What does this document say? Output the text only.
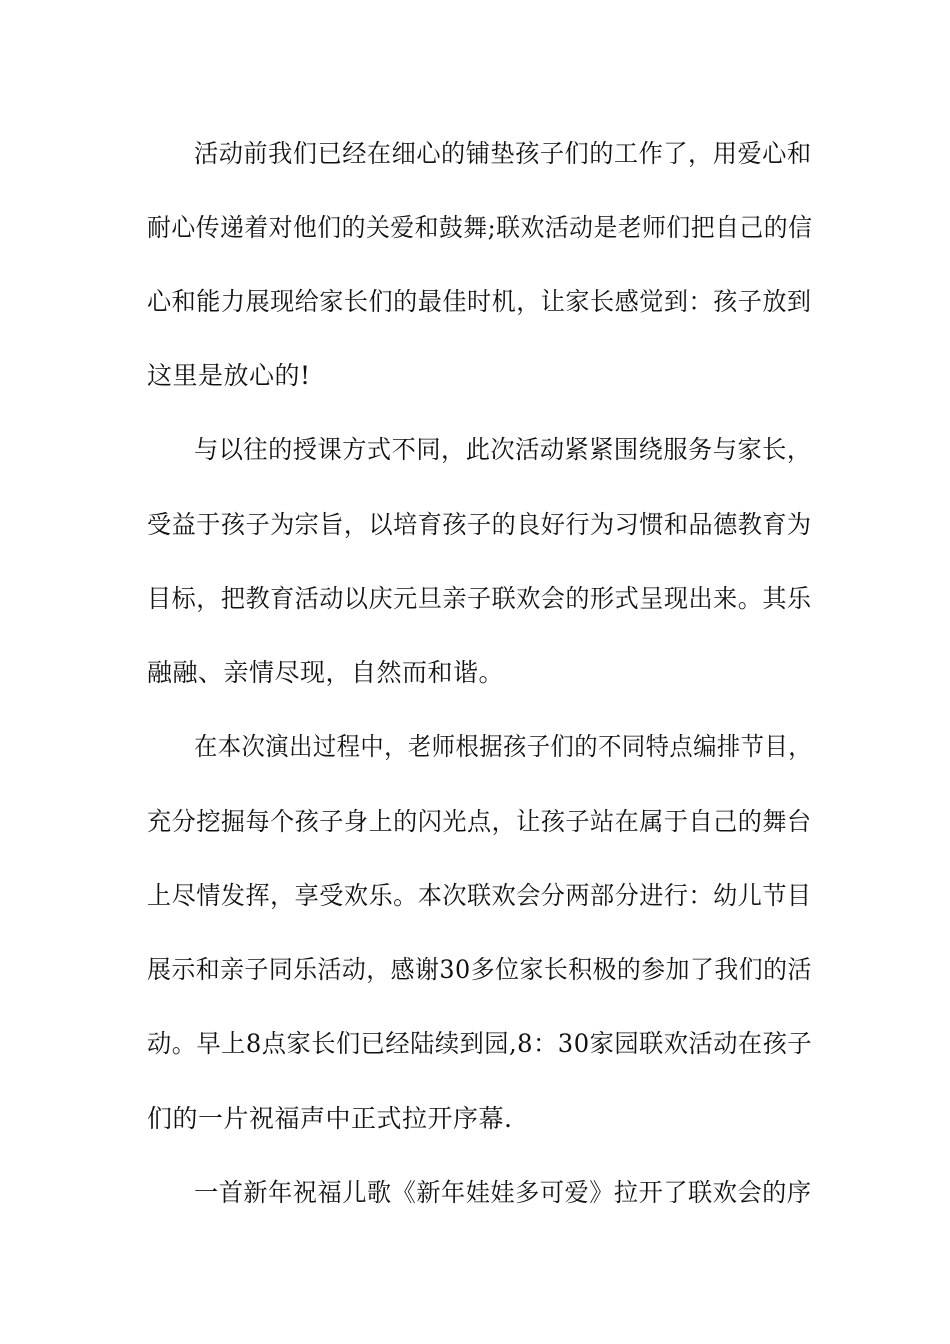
活动前我们已经在细心的铺垫孩子们的工作了，用爱心和
耐心传递着对他们的关爱和鼓舞;联欢活动是老师们把自己的信
心和能力展现给家长们的最佳时机，让家长感觉到：孩子放到
这里是放心的!
与以往的授课方式不同，此次活动紧紧围绕服务与家长，
受益于孩子为宗旨，以培育孩子的良好行为习惯和品德教育为
目标，把教育活动以庆元旦亲子联欢会的形式呈现出来。其乐
融融、亲情尽现，自然而和谐。
在本次演出过程中，老师根据孩子们的不同特点编排节目，
充分挖掘每个孩子身上的闪光点，让孩子站在属于自己的舞台
上尽情发挥，享受欢乐。本次联欢会分两部分进行：幼儿节目
展示和亲子同乐活动，感谢30多位家长积极的参加了我们的活
动。早上8点家长们已经陆续到园,8：30家园联欢活动在孩子
们的一片祝福声中正式拉开序幕.
一首新年祝福儿歌《新年娃娃多可爱》拉开了联欢会的序
